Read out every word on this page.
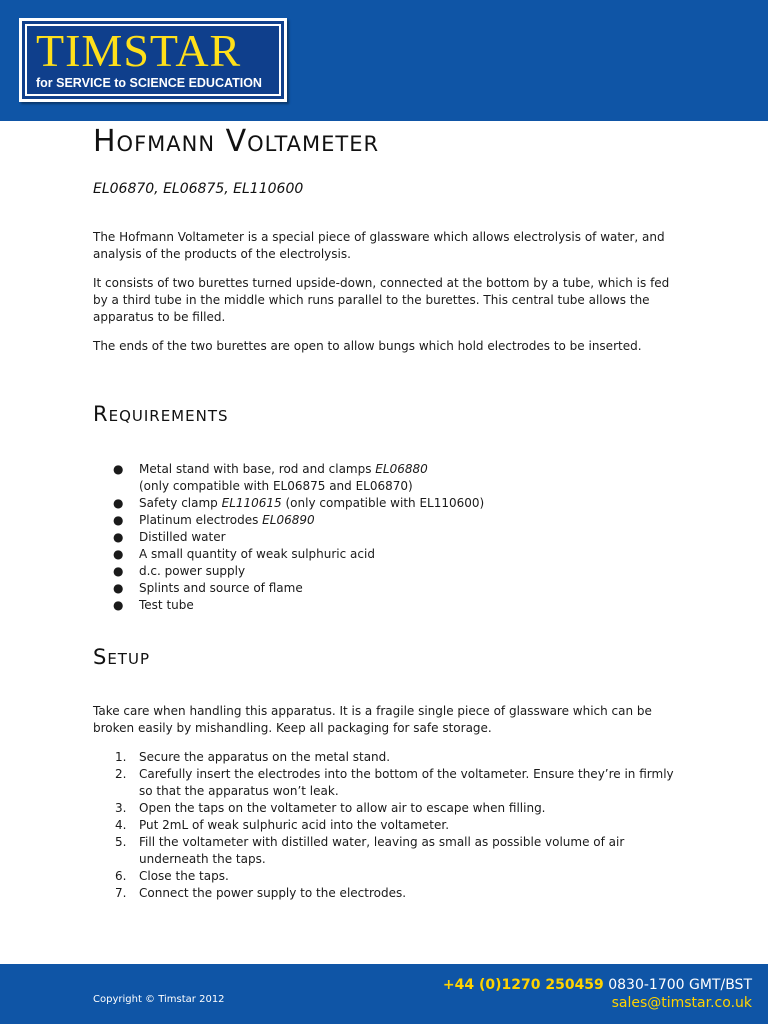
TIMSTAR
for SERVICE to SCIENCE EDUCATION
Hofmann Voltameter
EL06870, EL06875, EL110600

The Hofmann Voltameter is a special piece of glassware which allows electrolysis of water, and analysis of the products of the electrolysis.

It consists of two burettes turned upside-down, connected at the bottom by a tube, which is fed by a third tube in the middle which runs parallel to the burettes. This central tube allows the apparatus to be filled.

The ends of the two burettes are open to allow bungs which hold electrodes to be inserted.

Requirements
● Metal stand with base, rod and clamps EL06880
(only compatible with EL06875 and EL06870)
● Safety clamp EL110615 (only compatible with EL110600)
● Platinum electrodes EL06890
● Distilled water
● A small quantity of weak sulphuric acid
● d.c. power supply
● Splints and source of flame
● Test tube
Setup

Take care when handling this apparatus. It is a fragile single piece of glassware which can be broken easily by mishandling. Keep all packaging for safe storage.

1. Secure the apparatus on the metal stand.
2. Carefully insert the electrodes into the bottom of the voltameter. Ensure they’re in firmly so that the apparatus won’t leak.
3. Open the taps on the voltameter to allow air to escape when filling.
4. Put 2mL of weak sulphuric acid into the voltameter.
5. Fill the voltameter with distilled water, leaving as small as possible volume of air underneath the taps.
6. Close the taps.
7. Connect the power supply to the electrodes.
Copyright © Timstar 2012
+44 (0)1270 250459 0830-1700 GMT/BST
sales@timstar.co.uk
